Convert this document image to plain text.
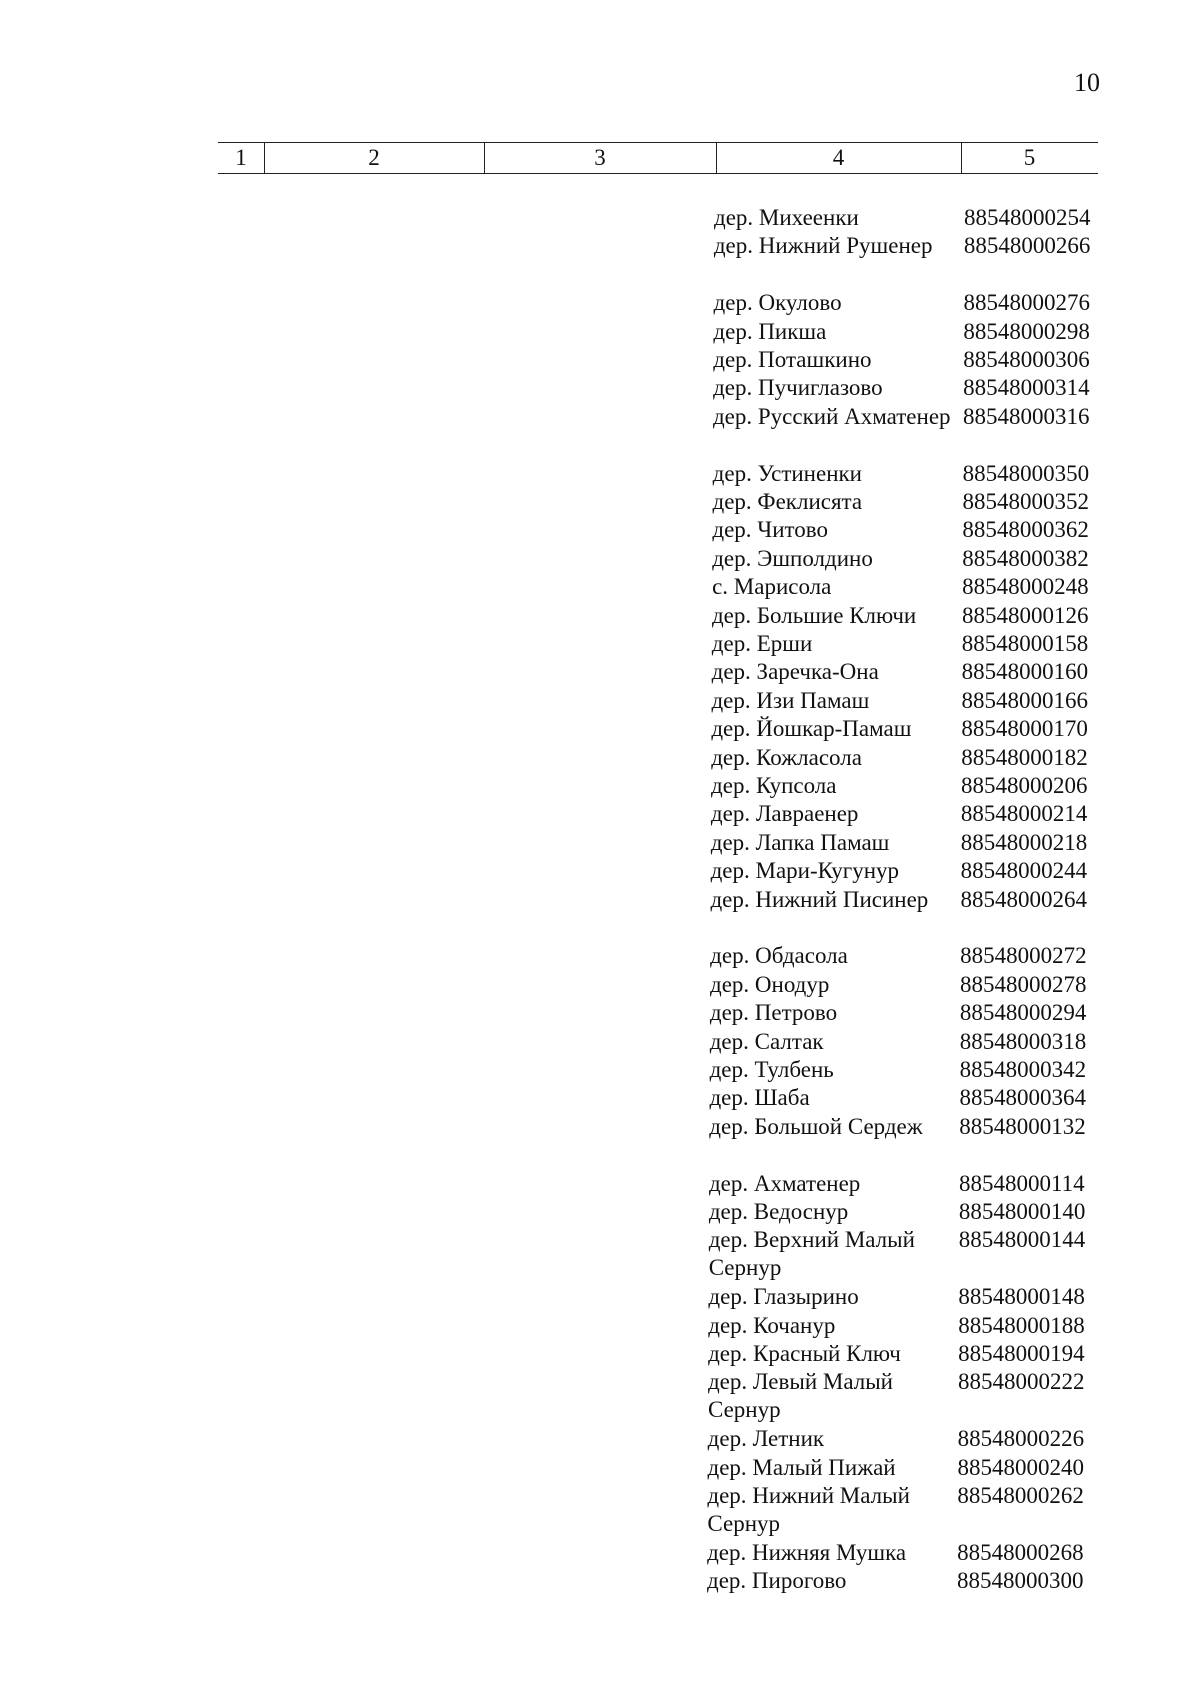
10
1	2	3	4	5
дер. Михеенки	88548000254
дер. Нижний Рушенер	88548000266
дер. Окулово	88548000276
дер. Пикша	88548000298
дер. Поташкино	88548000306
дер. Пучиглазово	88548000314
дер. Русский Ахматенер 88548000316
дер. Устиненки	88548000350
дер. Феклисята	88548000352
дер. Читово	88548000362
дер. Эшполдино	88548000382
с. Марисола	88548000248
дер. Большие Ключи	88548000126
дер. Ерши	88548000158
дер. Заречка-Она	88548000160
дер. Изи Памаш	88548000166
дер. Йошкар-Памаш	88548000170
дер. Кожласола	88548000182
дер. Купсола	88548000206
дер. Лавраенер	88548000214
дер. Лапка Памаш	88548000218
дер. Мари-Кугунур	88548000244
дер. Нижний Писинер	88548000264
дер. Обдасола	88548000272
дер. Онодур	88548000278
дер. Петрово	88548000294
дер. Салтак	88548000318
дер. Тулбень	88548000342
дер. Шаба	88548000364
дер. Большой Сердеж	88548000132
дер. Ахматенер	88548000114
дер. Ведоснур	88548000140
дер. Верхний Малый Сернур
88548000144
дер. Глазырино	88548000148
дер. Кочанур	88548000188
дер. Красный Ключ	88548000194
дер. Левый Малый Сернур
88548000222
дер. Летник	88548000226
дер. Малый Пижай	88548000240
дер. Нижний Малый Сернур
88548000262
дер. Нижняя Мушка	88548000268
дер. Пирогово	88548000300
